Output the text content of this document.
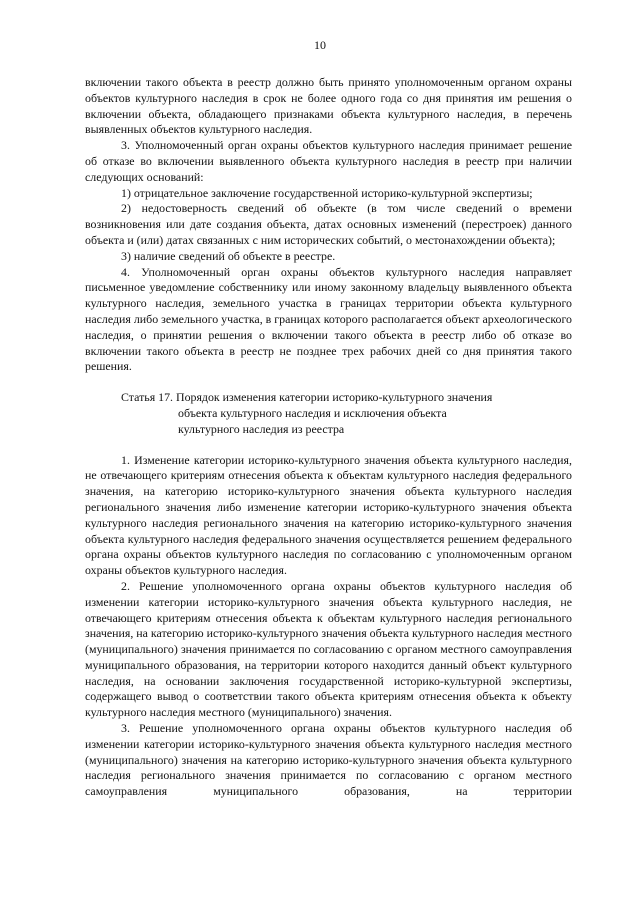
10

включении такого объекта в реестр должно быть принято уполномоченным органом охраны объектов культурного наследия в срок не более одного года со дня принятия им решения о включении объекта, обладающего признаками объекта культурного наследия, в перечень выявленных объектов культурного наследия.

3. Уполномоченный орган охраны объектов культурного наследия принимает решение об отказе во включении выявленного объекта культурного наследия в реестр при наличии следующих оснований:

1) отрицательное заключение государственной историко-культурной экспертизы;

2) недостоверность сведений об объекте (в том числе сведений о времени возникновения или дате создания объекта, датах основных изменений (перестроек) данного объекта и (или) датах связанных с ним исторических событий, о местонахождении объекта);

3) наличие сведений об объекте в реестре.

4. Уполномоченный орган охраны объектов культурного наследия направляет письменное уведомление собственнику или иному законному владельцу выявленного объекта культурного наследия, земельного участка в границах территории объекта культурного наследия либо земельного участка, в границах которого располагается объект археологического наследия, о принятии решения о включении такого объекта в реестр либо об отказе во включении такого объекта в реестр не позднее трех рабочих дней со дня принятия такого решения.

Статья 17. Порядок изменения категории историко-культурного значения
объекта культурного наследия и исключения объекта
культурного наследия из реестра

1. Изменение категории историко-культурного значения объекта культурного наследия, не отвечающего критериям отнесения объекта к объектам культурного наследия федерального значения, на категорию историко-культурного значения объекта культурного наследия регионального значения либо изменение категории историко-культурного значения объекта культурного наследия регионального значения на категорию историко-культурного значения объекта культурного наследия федерального значения осуществляется решением федерального органа охраны объектов культурного наследия по согласованию с уполномоченным органом охраны объектов культурного наследия.

2. Решение уполномоченного органа охраны объектов культурного наследия об изменении категории историко-культурного значения объекта культурного наследия, не отвечающего критериям отнесения объекта к объектам культурного наследия регионального значения, на категорию историко-культурного значения объекта культурного наследия местного (муниципального) значения принимается по согласованию с органом местного самоуправления муниципального образования, на территории которого находится данный объект культурного наследия, на основании заключения государственной историко-культурной экспертизы, содержащего вывод о соответствии такого объекта критериям отнесения объекта к объекту культурного наследия местного (муниципального) значения.

3. Решение уполномоченного органа охраны объектов культурного наследия об изменении категории историко-культурного значения объекта культурного наследия местного (муниципального) значения на категорию историко-культурного значения объекта культурного наследия регионального значения принимается по согласованию с органом местного самоуправления муниципального образования, на территории
